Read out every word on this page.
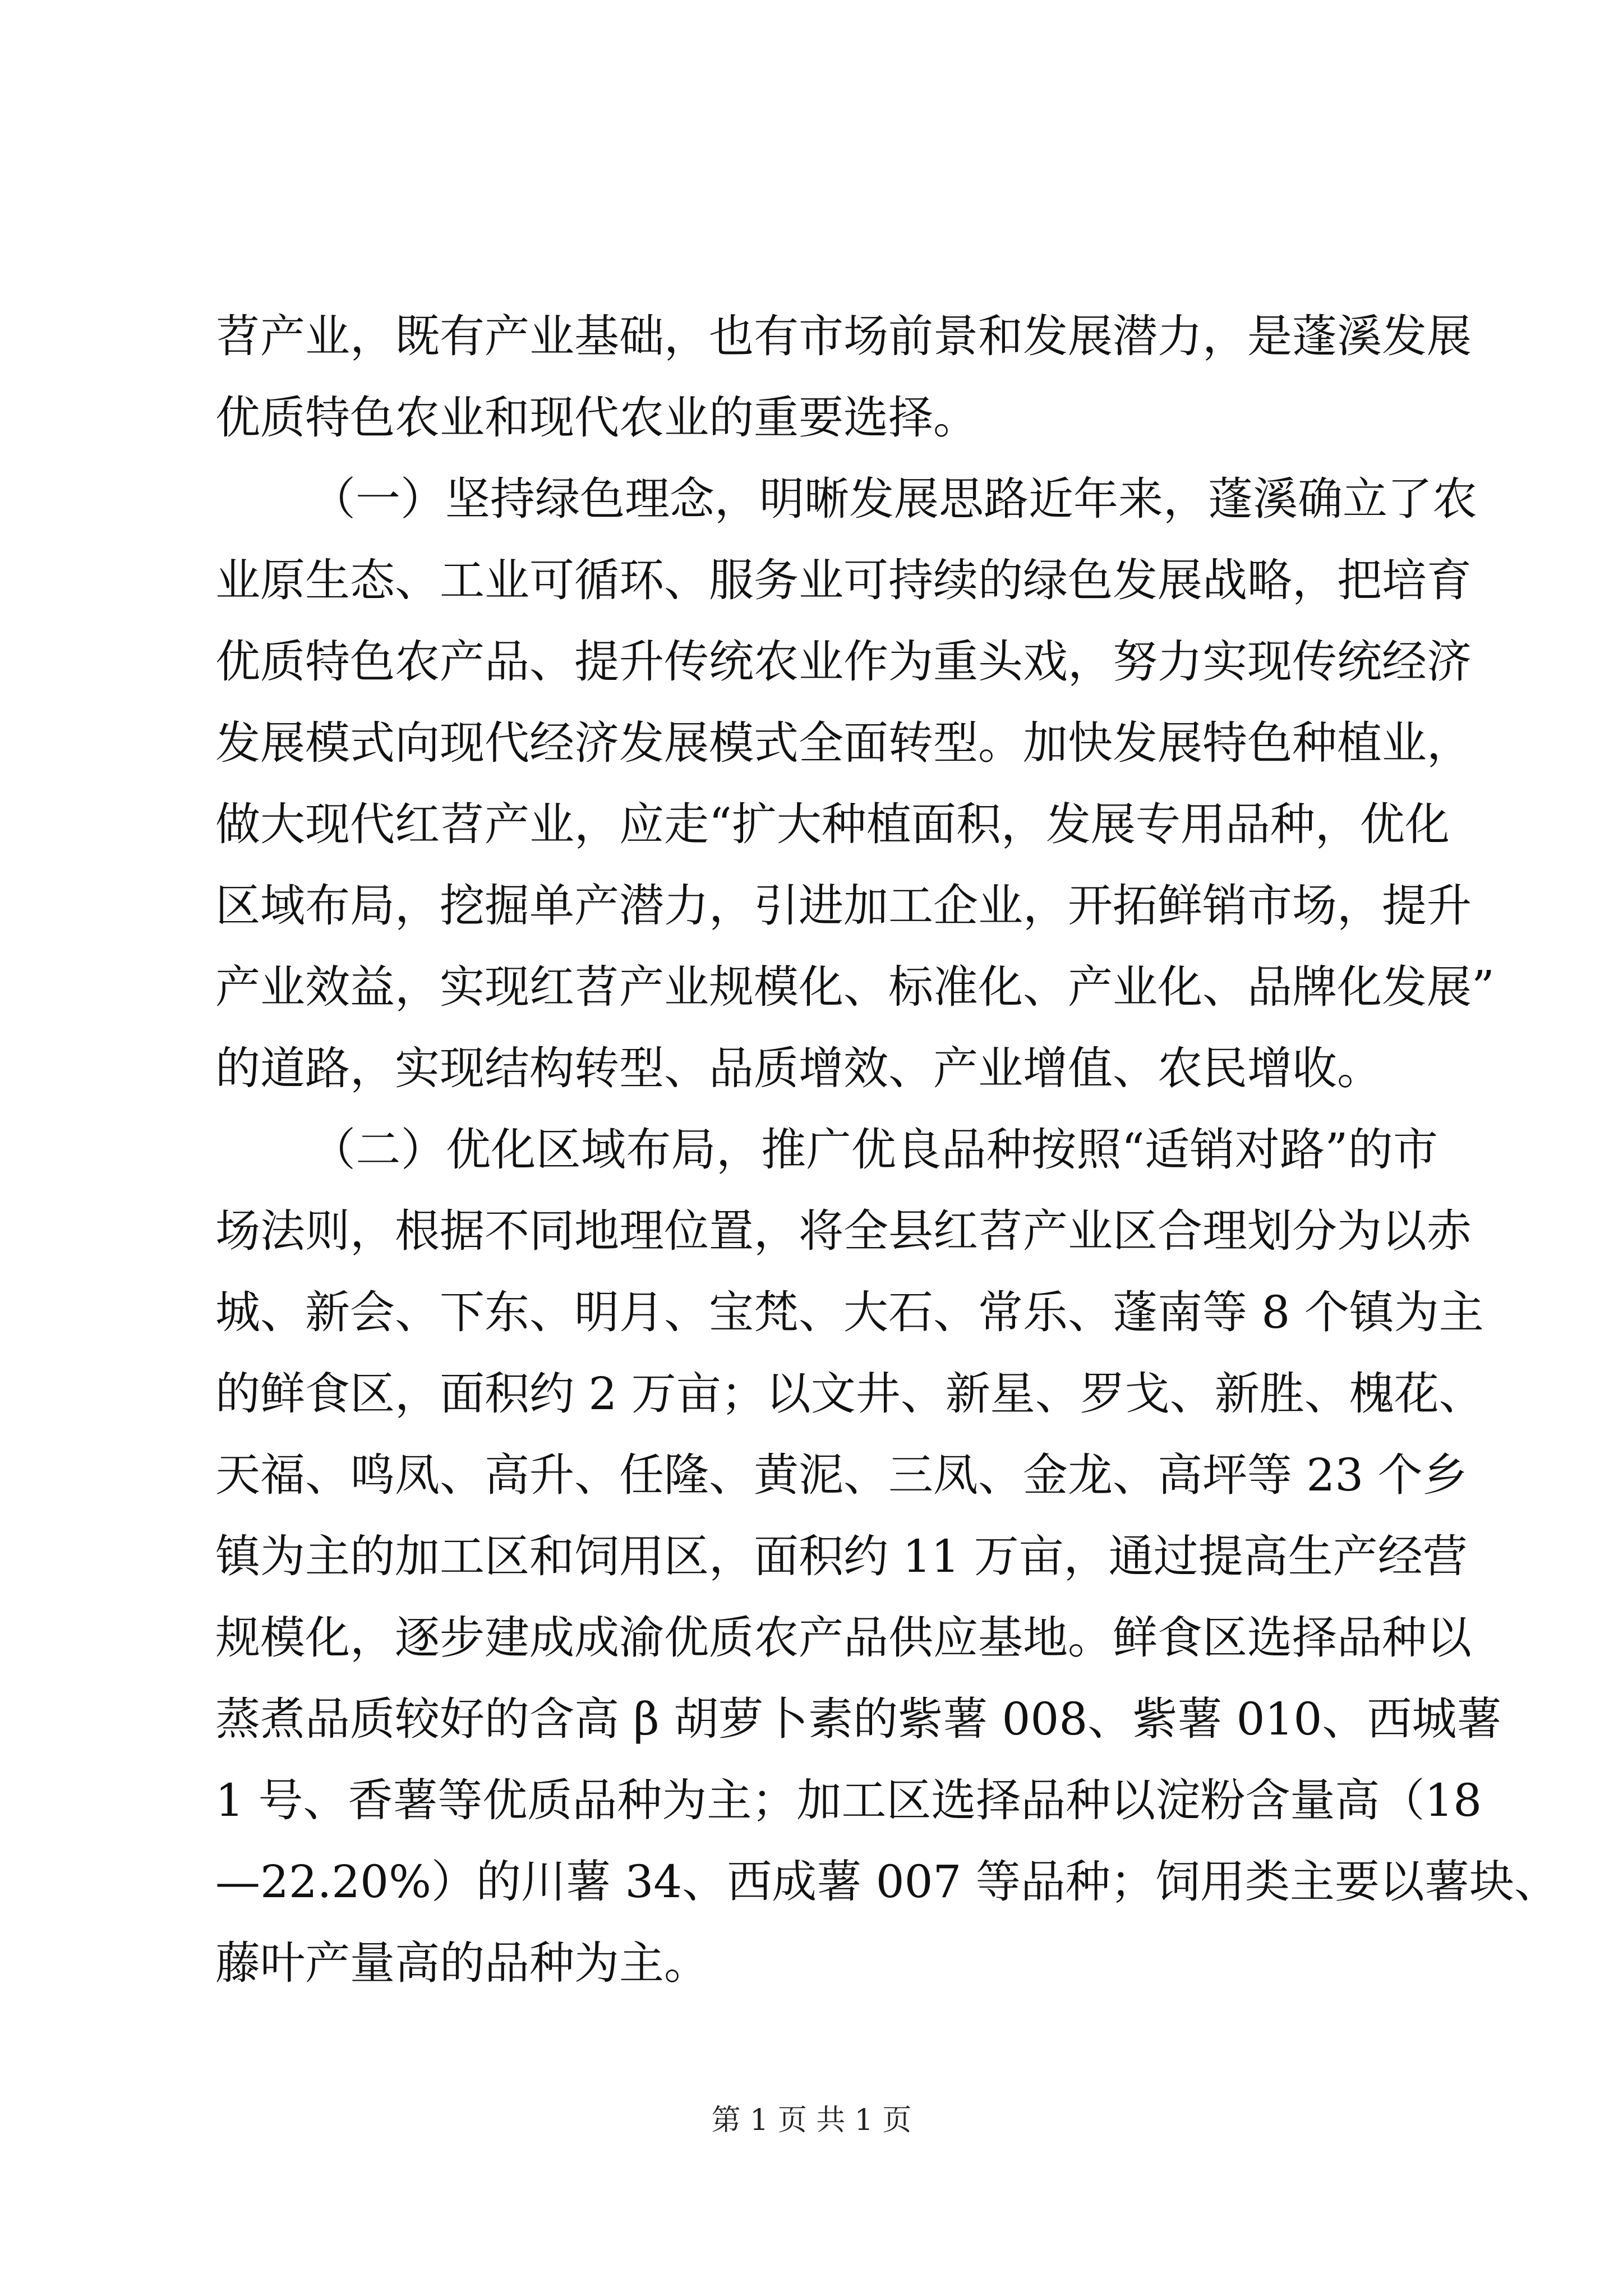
苕产业，既有产业基础，也有市场前景和发展潜力，是蓬溪发展
优质特色农业和现代农业的重要选择。
（一）坚持绿色理念，明晰发展思路近年来，蓬溪确立了农
业原生态、工业可循环、服务业可持续的绿色发展战略，把培育
优质特色农产品、提升传统农业作为重头戏，努力实现传统经济
发展模式向现代经济发展模式全面转型。加快发展特色种植业，
做大现代红苕产业，应走“扩大种植面积，发展专用品种，优化
区域布局，挖掘单产潜力，引进加工企业，开拓鲜销市场，提升
产业效益，实现红苕产业规模化、标准化、产业化、品牌化发展”
的道路，实现结构转型、品质增效、产业增值、农民增收。
（二）优化区域布局，推广优良品种按照“适销对路”的市
场法则，根据不同地理位置，将全县红苕产业区合理划分为以赤
城、新会、下东、明月、宝梵、大石、常乐、蓬南等 8 个镇为主
的鲜食区，面积约 2 万亩；以文井、新星、罗戈、新胜、槐花、
天福、鸣凤、高升、任隆、黄泥、三凤、金龙、高坪等 23 个乡
镇为主的加工区和饲用区，面积约 11 万亩，通过提高生产经营
规模化，逐步建成成渝优质农产品供应基地。鲜食区选择品种以
蒸煮品质较好的含高 β 胡萝卜素的紫薯 008、紫薯 010、西城薯
1 号、香薯等优质品种为主；加工区选择品种以淀粉含量高（18
—22.20%）的川薯 34、西成薯 007 等品种；饲用类主要以薯块、
藤叶产量高的品种为主。
第 1 页 共 1 页
